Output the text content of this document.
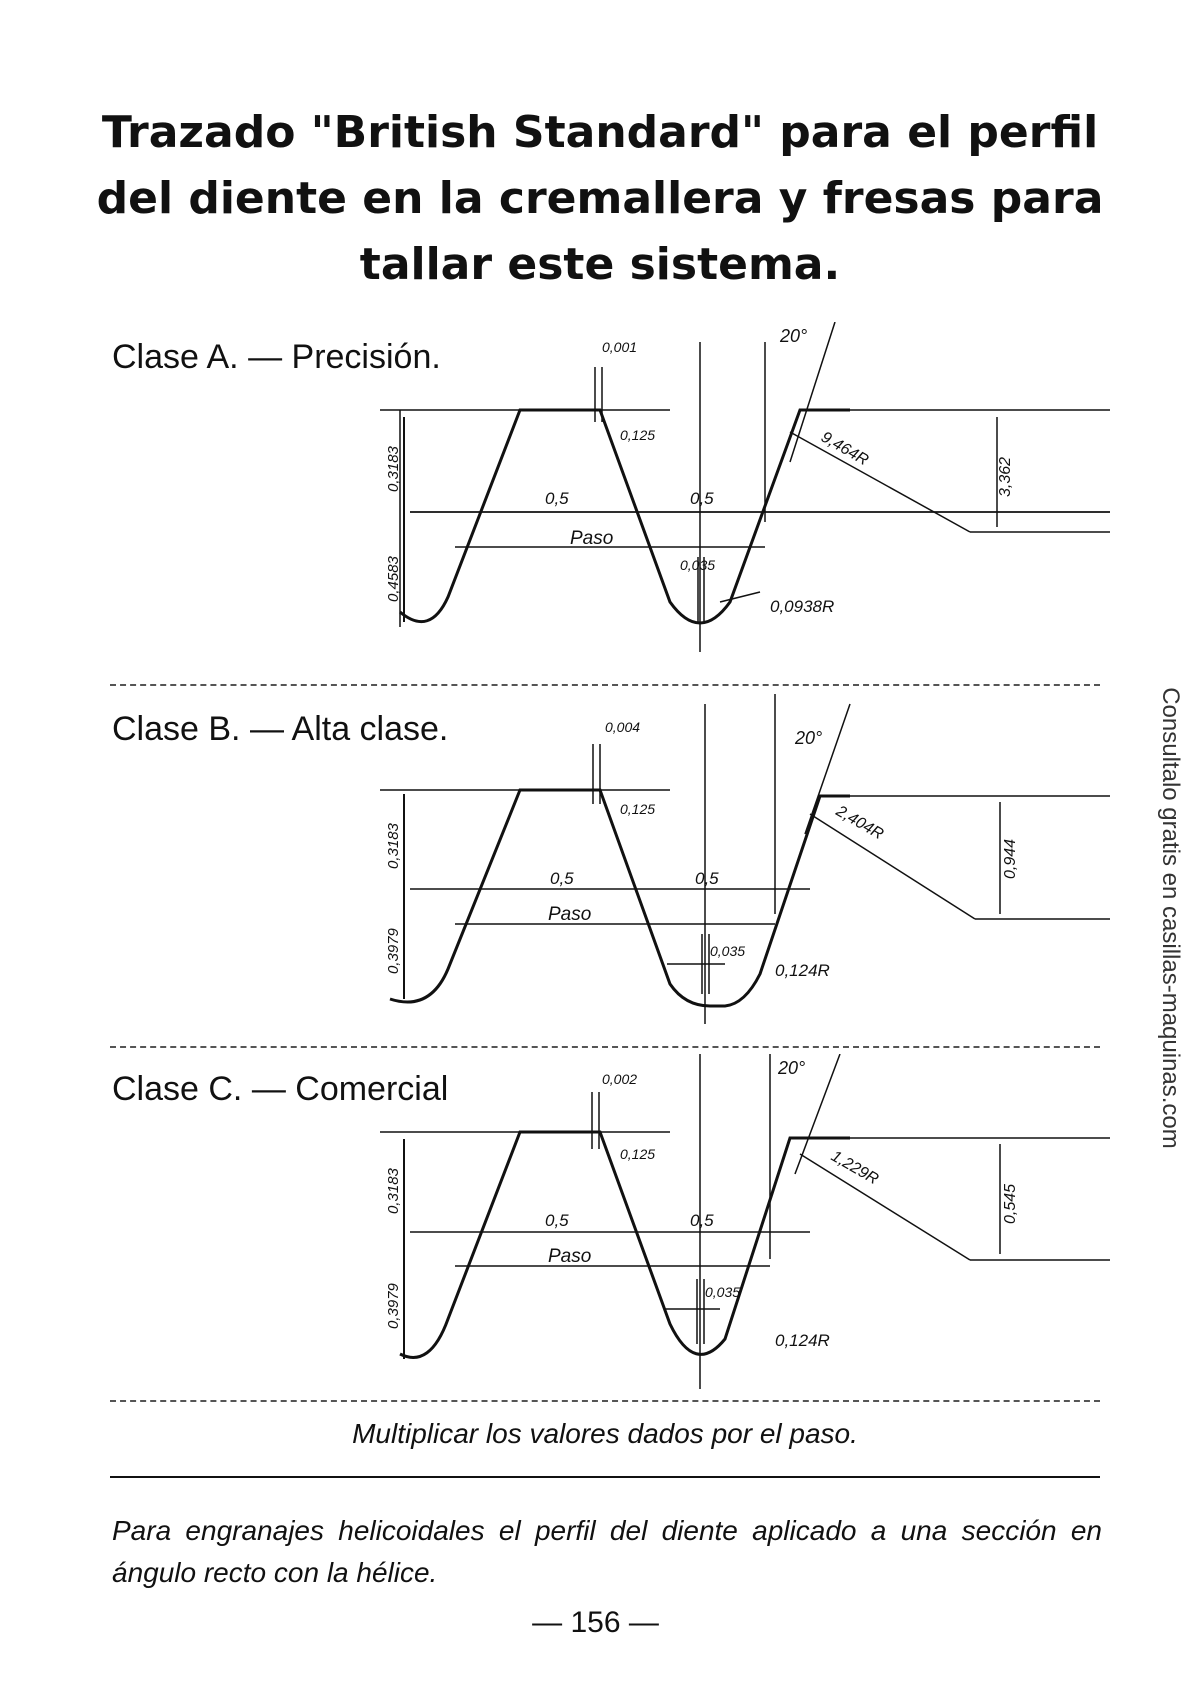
Trazado "British Standard" para el perfil
del diente en la cremallera y fresas para
tallar este sistema.

Clase A. — Precisión.	0,001
20°
0,125
0,3183
0,4583
0,5	0,5
Paso
0,035
0,0938R
9,464R
3,362

Clase B. — Alta clase.	0,004
20°
0,125
0,3183
0,3979
0,5	0,5
Paso
0,035
0,124R
2,404R
0,944

Clase C. — Comercial	0,002
20°
0,125
0,3183
0,3979
0,5	0,5
Paso
0,035
0,124R
1,229R
0,545

Multiplicar los valores dados por el paso.

Para engranajes helicoidales el perfil del diente aplicado a una sección en ángulo recto con la hélice.

— 156 —

Consultalo gratis en casillas-maquinas.com
